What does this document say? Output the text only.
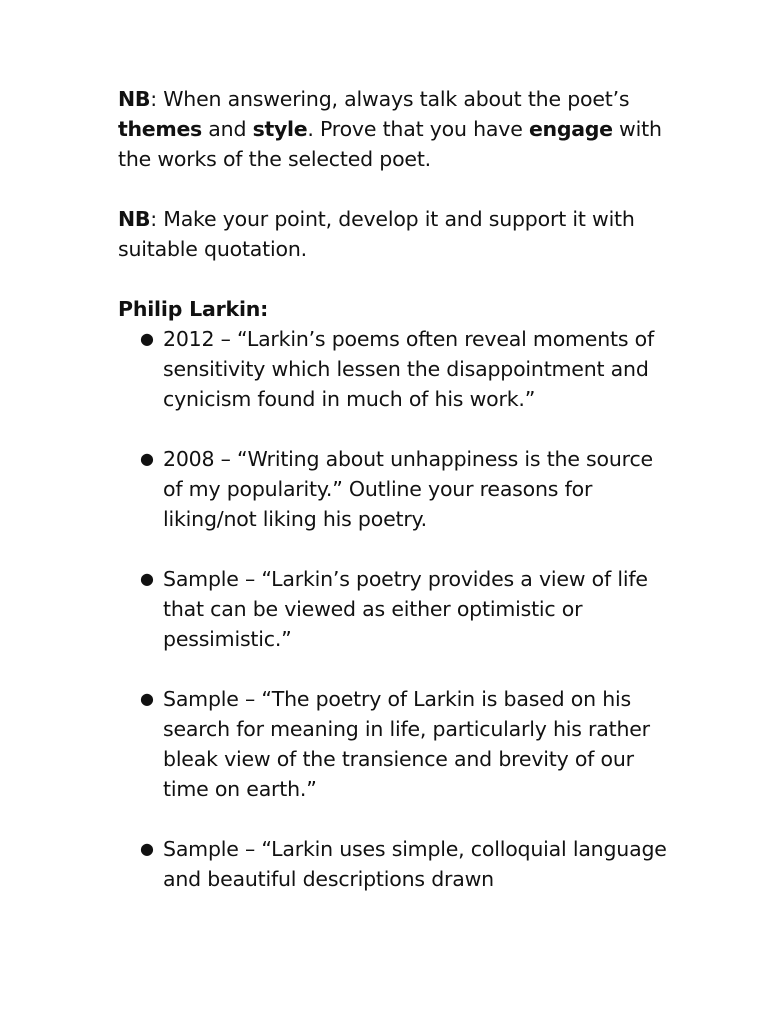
NB: When answering, always talk about the poet’s themes and style. Prove that you have engage with the works of the selected poet.

NB: Make your point, develop it and support it with suitable quotation.

Philip Larkin:
● 2012 – “Larkin’s poems often reveal moments of sensitivity which lessen the disappointment and cynicism found in much of his work.”
● 2008 – “Writing about unhappiness is the source of my popularity.” Outline your reasons for liking/not liking his poetry.
● Sample – “Larkin’s poetry provides a view of life that can be viewed as either optimistic or pessimistic.”
● Sample – “The poetry of Larkin is based on his search for meaning in life, particularly his rather bleak view of the transience and brevity of our time on earth.”
● Sample – “Larkin uses simple, colloquial language and beautiful descriptions drawn
